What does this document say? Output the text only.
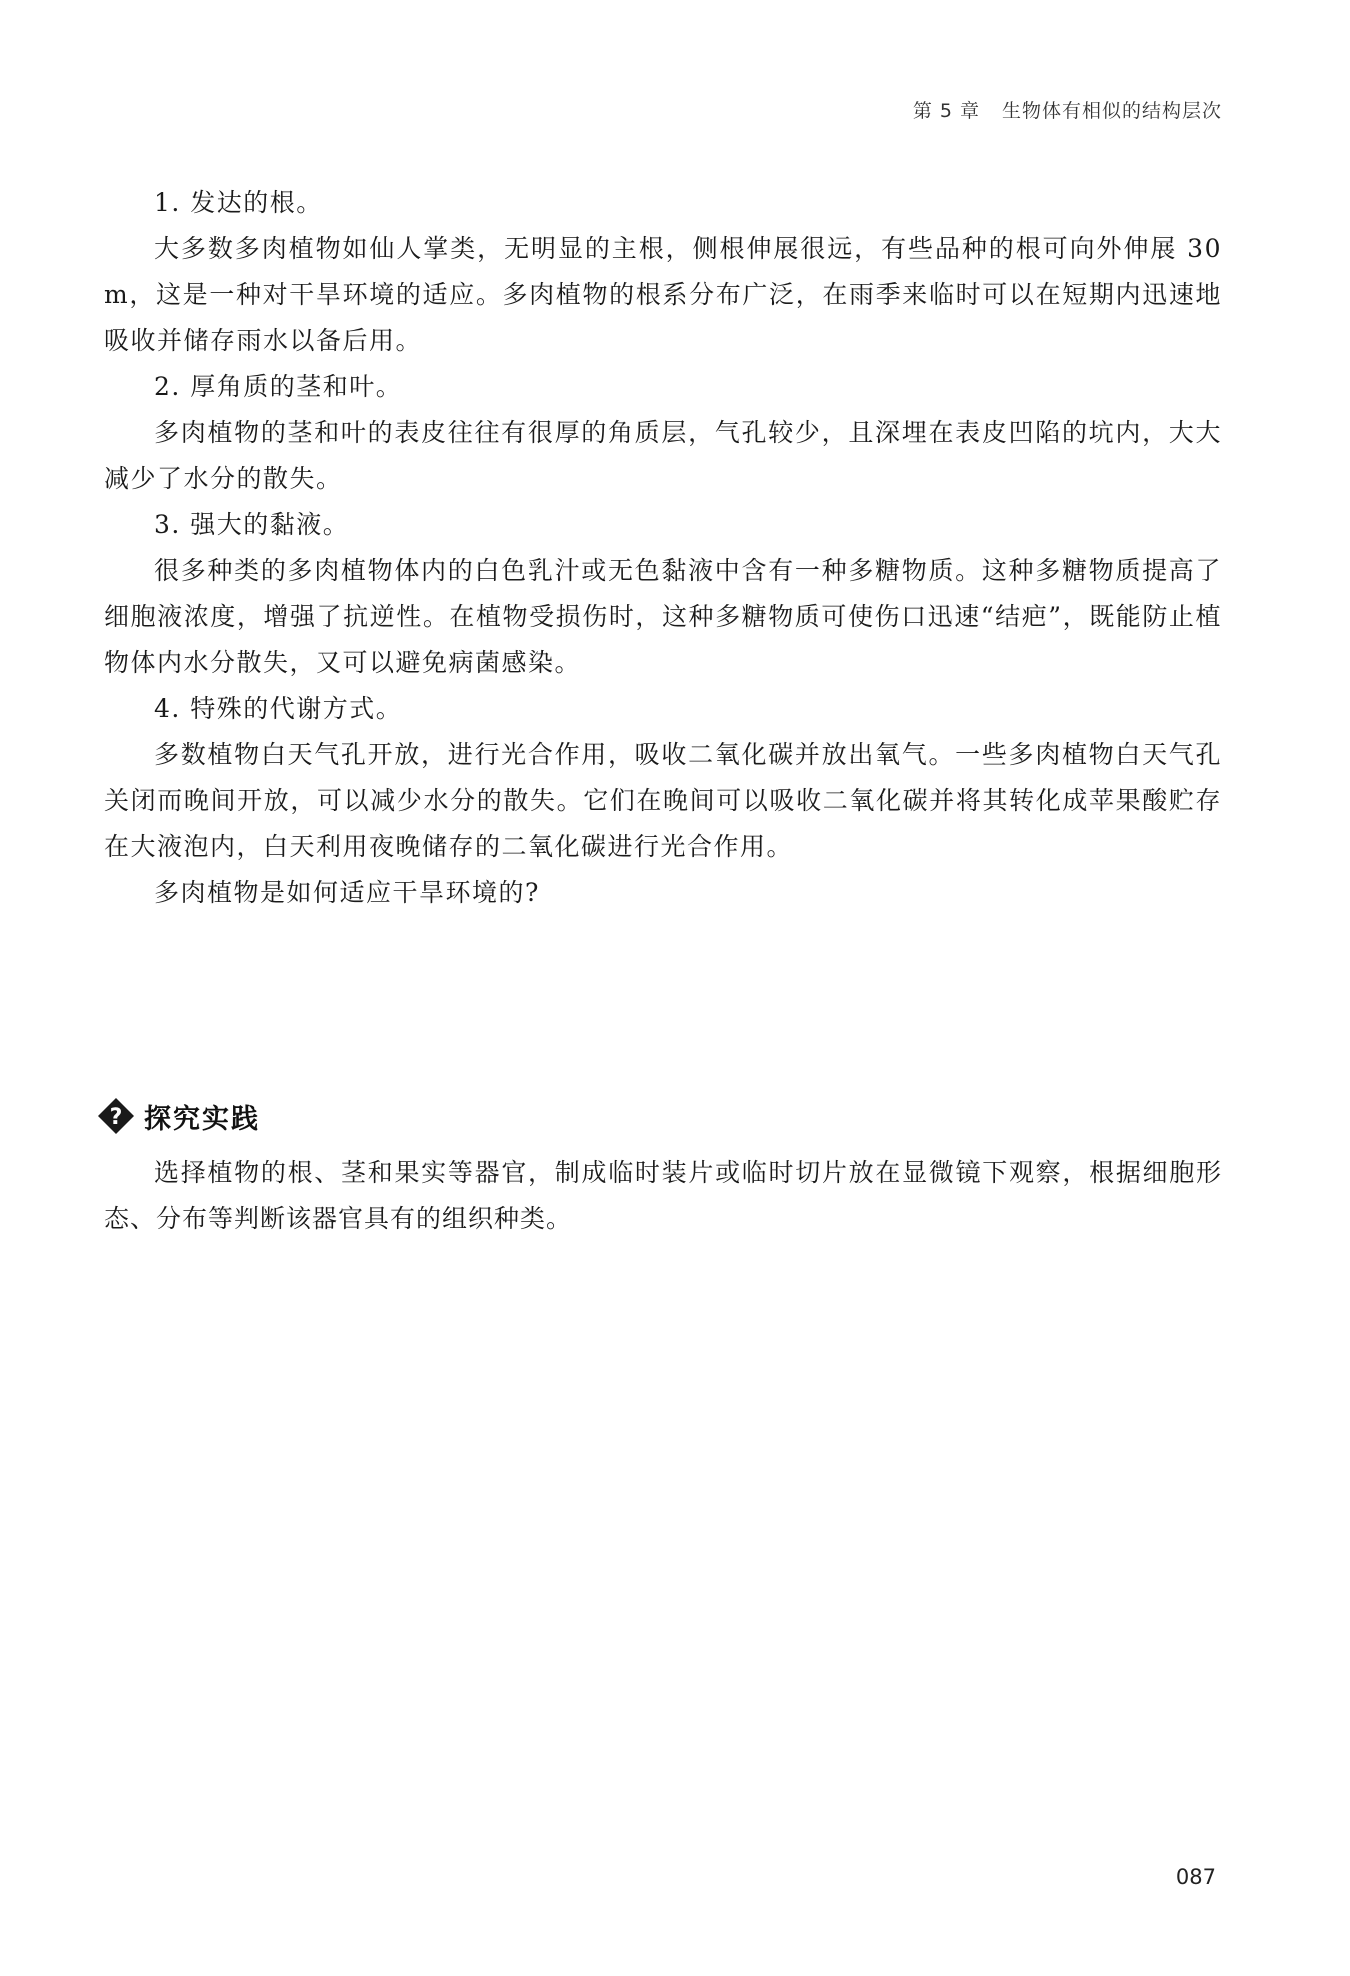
第 5 章 生物体有相似的结构层次

1. 发达的根。

大多数多肉植物如仙人掌类，无明显的主根，侧根伸展很远，有些品种的根可向外伸展 30 m，这是一种对干旱环境的适应。多肉植物的根系分布广泛，在雨季来临时可以在短期内迅速地吸收并储存雨水以备后用。

2. 厚角质的茎和叶。

多肉植物的茎和叶的表皮往往有很厚的角质层，气孔较少，且深埋在表皮凹陷的坑内，大大减少了水分的散失。

3. 强大的黏液。

很多种类的多肉植物体内的白色乳汁或无色黏液中含有一种多糖物质。这种多糖物质提高了细胞液浓度，增强了抗逆性。在植物受损伤时，这种多糖物质可使伤口迅速“结疤”，既能防止植物体内水分散失，又可以避免病菌感染。

4. 特殊的代谢方式。

多数植物白天气孔开放，进行光合作用，吸收二氧化碳并放出氧气。一些多肉植物白天气孔关闭而晚间开放，可以减少水分的散失。它们在晚间可以吸收二氧化碳并将其转化成苹果酸贮存在大液泡内，白天利用夜晚储存的二氧化碳进行光合作用。

多肉植物是如何适应干旱环境的?

? 探究实践

选择植物的根、茎和果实等器官，制成临时装片或临时切片放在显微镜下观察，根据细胞形态、分布等判断该器官具有的组织种类。

087
